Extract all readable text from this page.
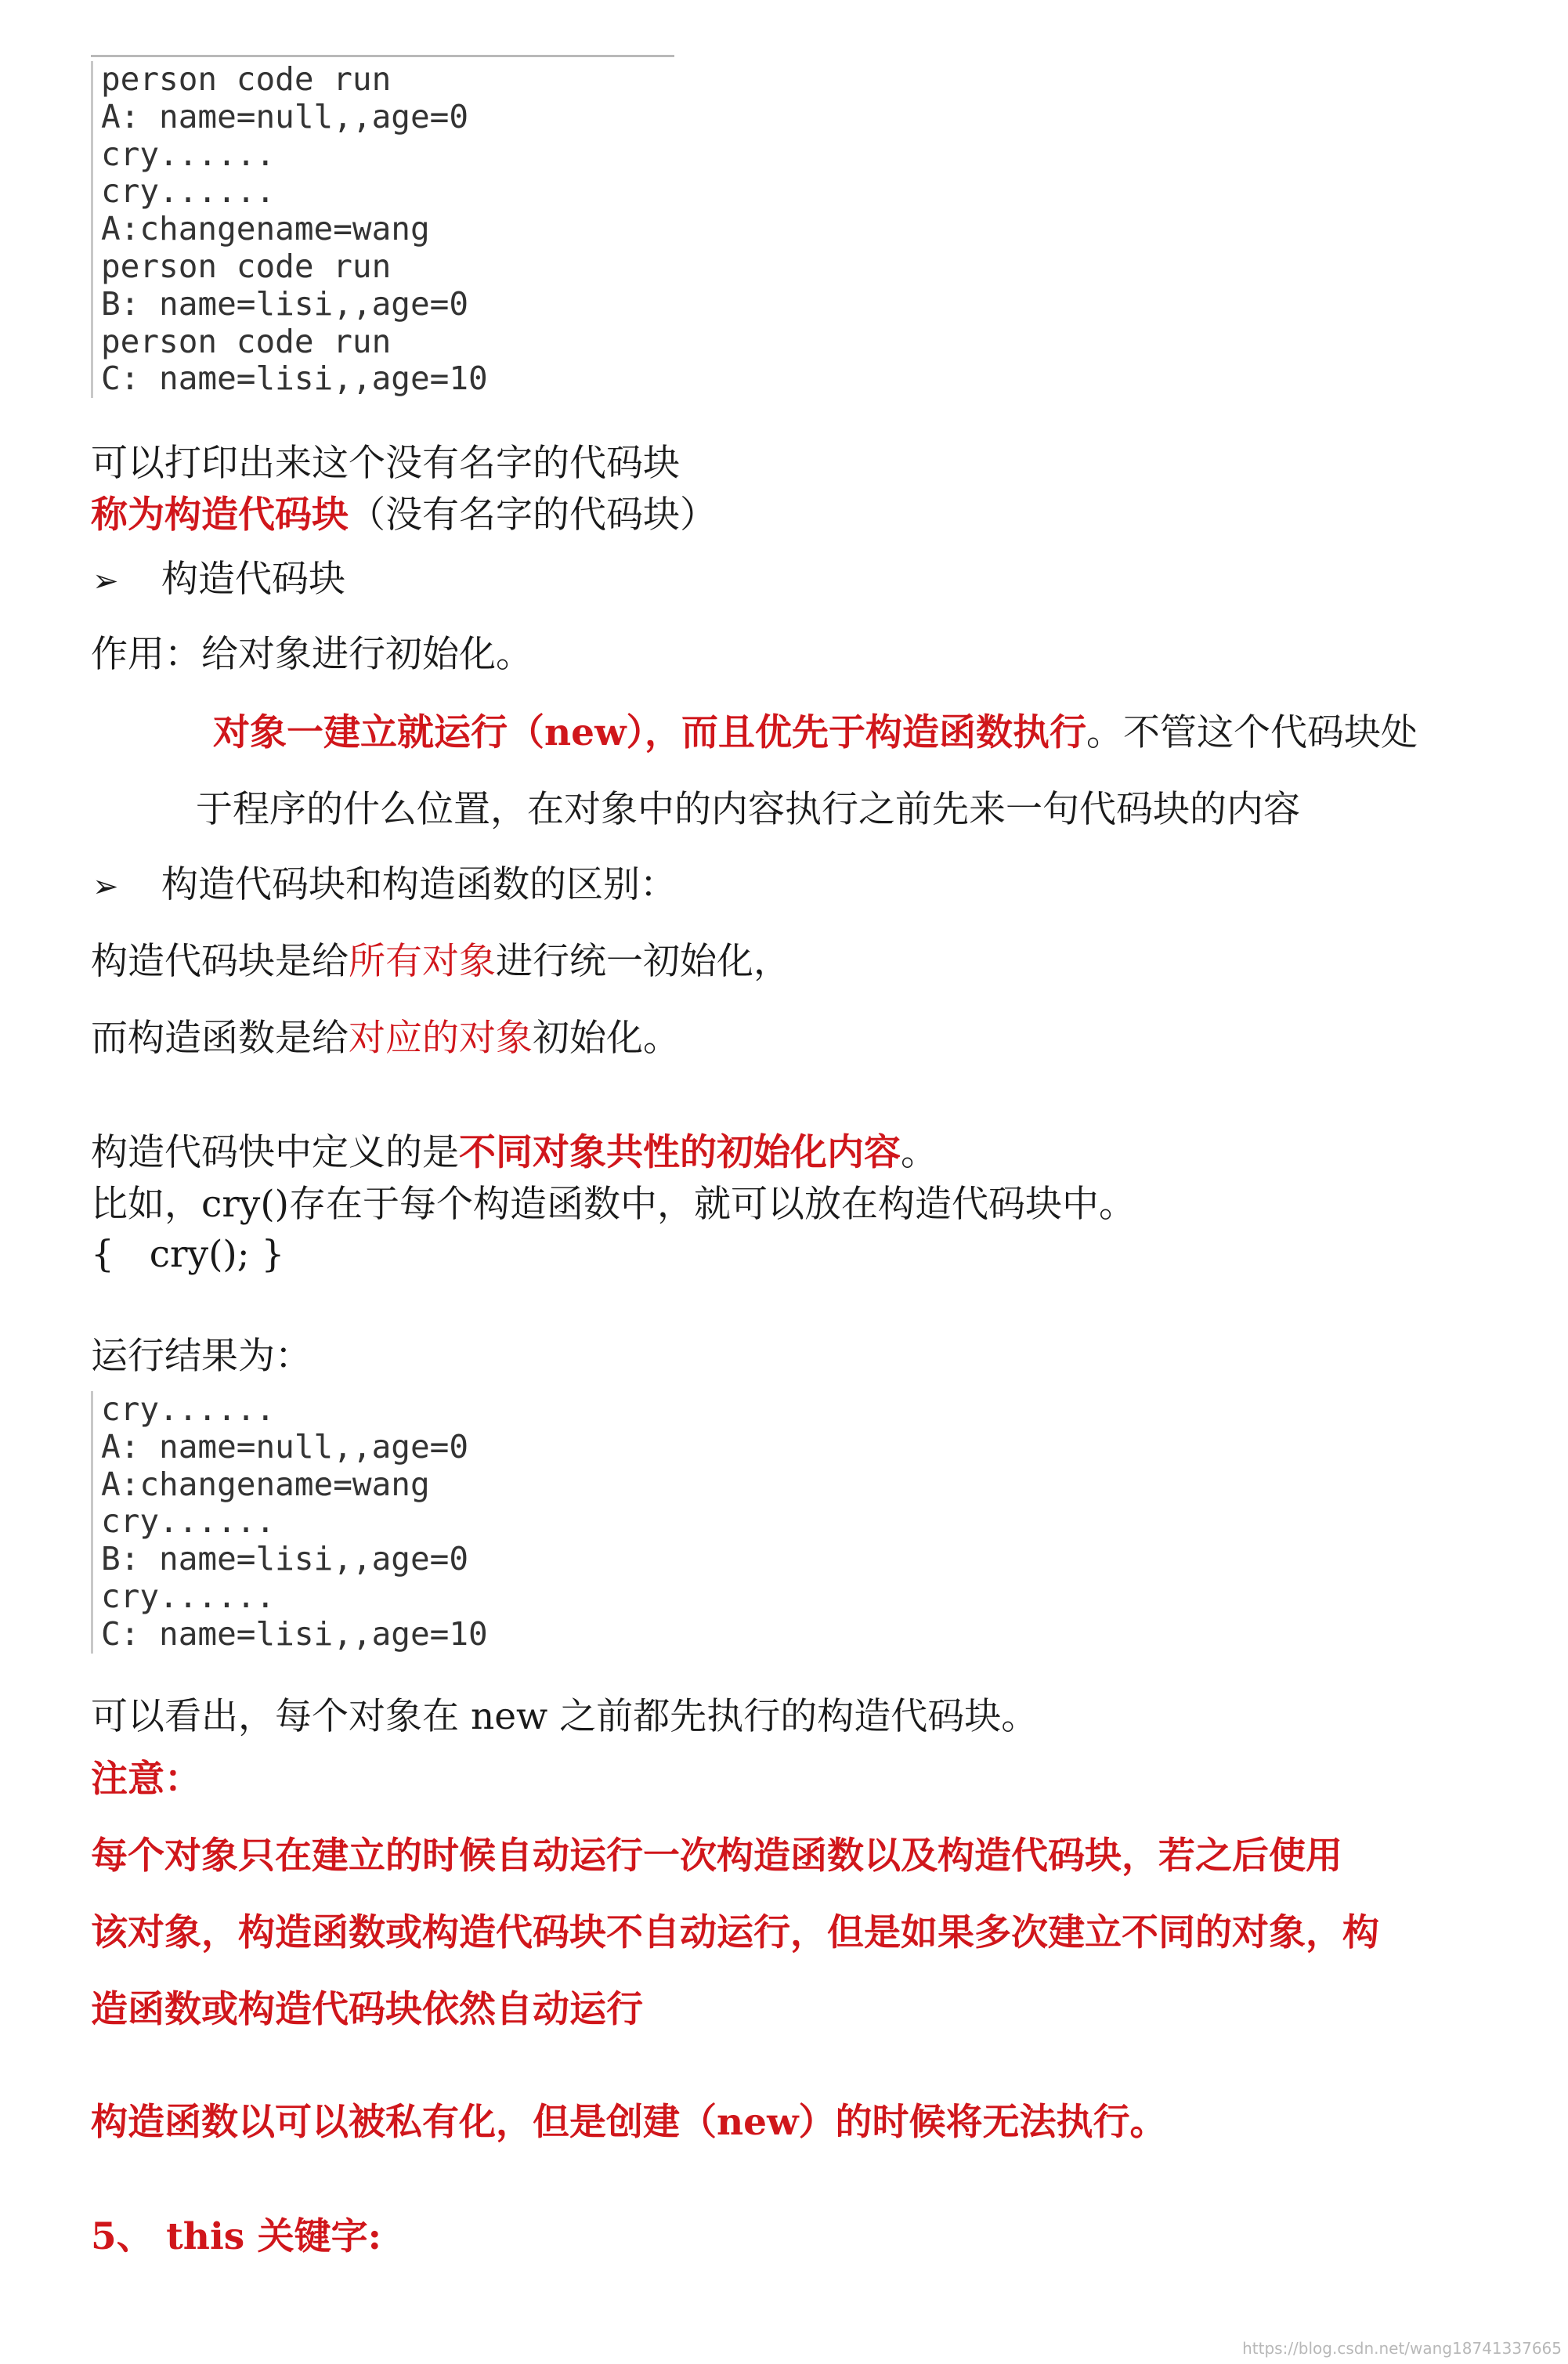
person code run
A: name=null,,age=0
cry......
cry......
A:changename=wang
person code run
B: name=lisi,,age=0
person code run
C: name=lisi,,age=10
可以打印出来这个没有名字的代码块
称为构造代码块（没有名字的代码块）
➢ 构造代码块
作用：给对象进行初始化。
对象一建立就运行（new），而且优先于构造函数执行。不管这个代码块处
于程序的什么位置，在对象中的内容执行之前先来一句代码块的内容
➢ 构造代码块和构造函数的区别：
构造代码块是给所有对象进行统一初始化，
而构造函数是给对应的对象初始化。
构造代码快中定义的是不同对象共性的初始化内容。
比如，cry()存在于每个构造函数中，就可以放在构造代码块中。
{   cry(); }
运行结果为：
cry......
A: name=null,,age=0
A:changename=wang
cry......
B: name=lisi,,age=0
cry......
C: name=lisi,,age=10
可以看出，每个对象在 new 之前都先执行的构造代码块。
注意：
每个对象只在建立的时候自动运行一次构造函数以及构造代码块，若之后使用
该对象，构造函数或构造代码块不自动运行，但是如果多次建立不同的对象，构
造函数或构造代码块依然自动运行
构造函数以可以被私有化，但是创建（new）的时候将无法执行。
5、 this 关键字:
https://blog.csdn.net/wang18741337665
